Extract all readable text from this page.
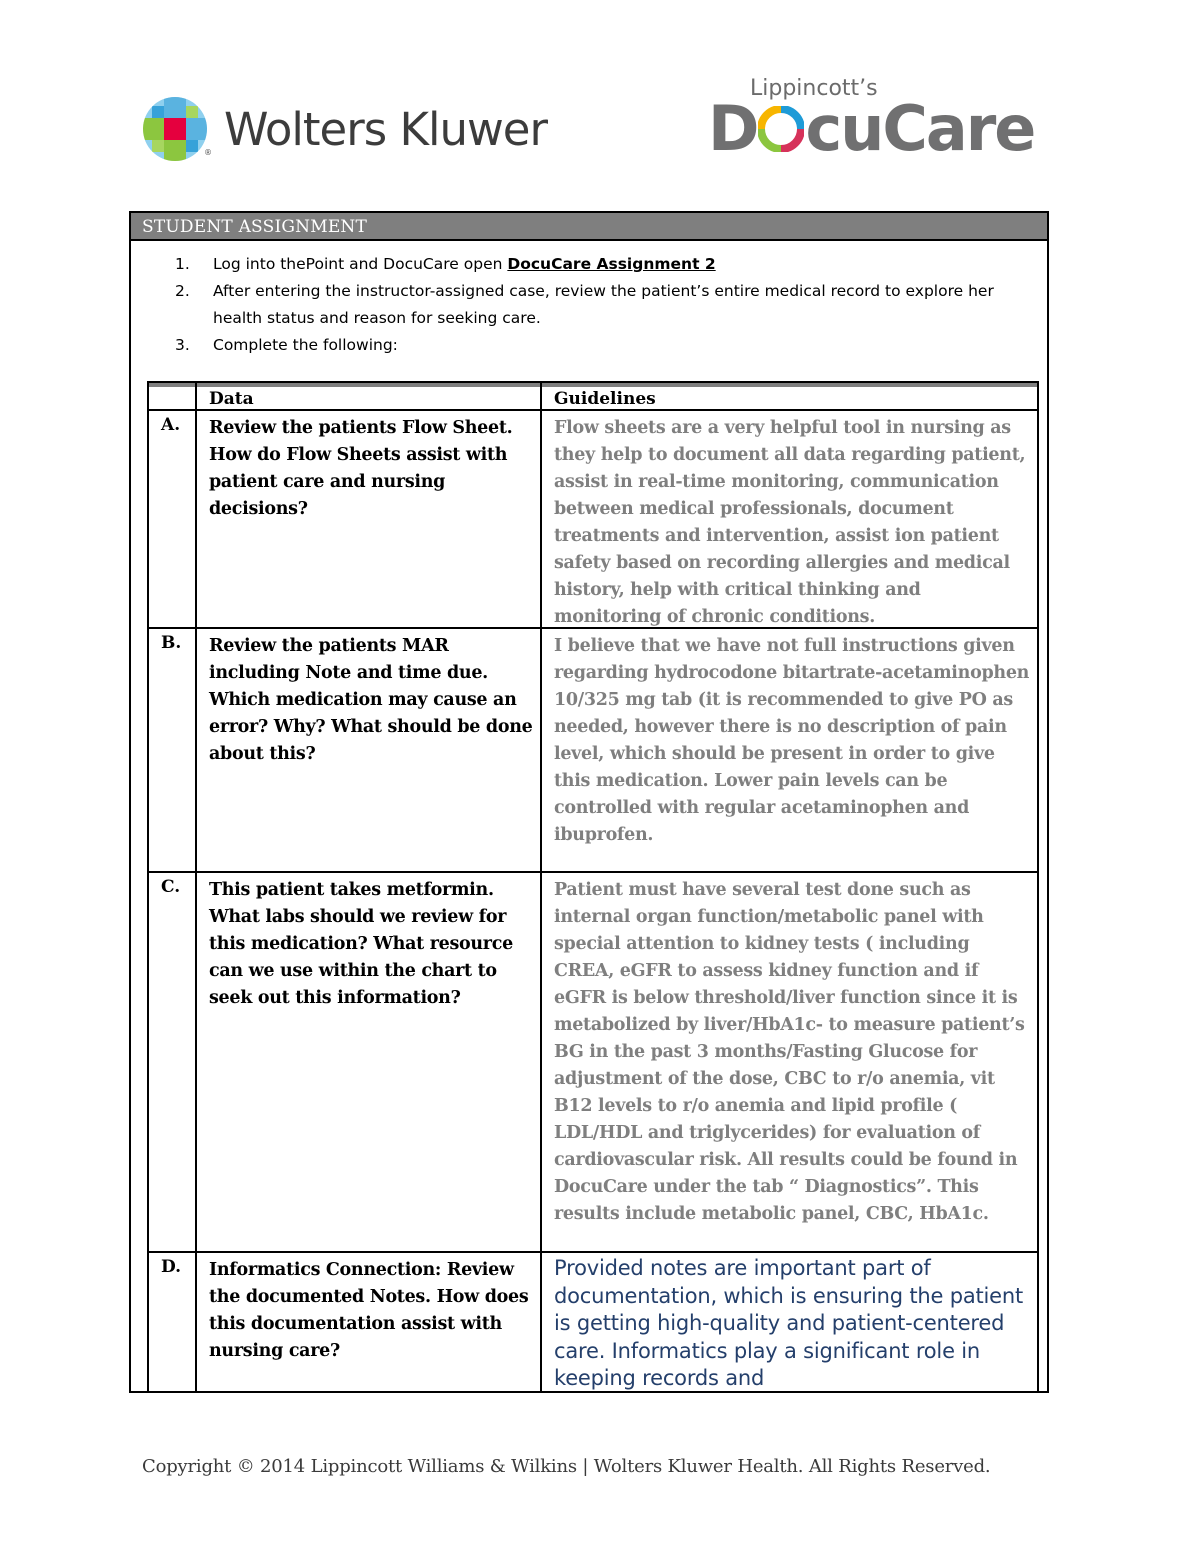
® Wolters Kluwer
Lippincott’s
D cuCare
STUDENT ASSIGNMENT
1. Log into thePoint and DocuCare open DocuCare Assignment 2
2. After entering the instructor-assigned case, review the patient’s entire medical record to explore her health status and reason for seeking care.
3. Complete the following:
Data	Guidelines
A. Review the patients Flow Sheet. How do Flow Sheets assist with patient care and nursing decisions?
Flow sheets are a very helpful tool in nursing as they help to document all data regarding patient, assist in real-time monitoring, communication between medical professionals, document treatments and intervention, assist ion patient safety based on recording allergies and medical history, help with critical thinking and monitoring of chronic conditions.
B. Review the patients MAR including Note and time due. Which medication may cause an error? Why? What should be done about this?
I believe that we have not full instructions given regarding hydrocodone bitartrate-acetaminophen 10/325 mg tab (it is recommended to give PO as needed, however there is no description of pain level, which should be present in order to give this medication. Lower pain levels can be controlled with regular acetaminophen and ibuprofen.
C. This patient takes metformin. What labs should we review for this medication? What resource can we use within the chart to seek out this information?
Patient must have several test done such as internal organ function/metabolic panel with special attention to kidney tests ( including CREA, eGFR to assess kidney function and if eGFR is below threshold/liver function since it is metabolized by liver/HbA1c- to measure patient’s BG in the past 3 months/Fasting Glucose for adjustment of the dose, CBC to r/o anemia, vit B12 levels to r/o anemia and lipid profile ( LDL/HDL and triglycerides) for evaluation of cardiovascular risk. All results could be found in DocuCare under the tab “ Diagnostics”. This results include metabolic panel, CBC, HbA1c.
D. Informatics Connection: Review the documented Notes. How does this documentation assist with nursing care?
Provided notes are important part of documentation, which is ensuring the patient is getting high-quality and patient-centered care. Informatics play a significant role in keeping records and
Copyright © 2014 Lippincott Williams & Wilkins | Wolters Kluwer Health. All Rights Reserved.
